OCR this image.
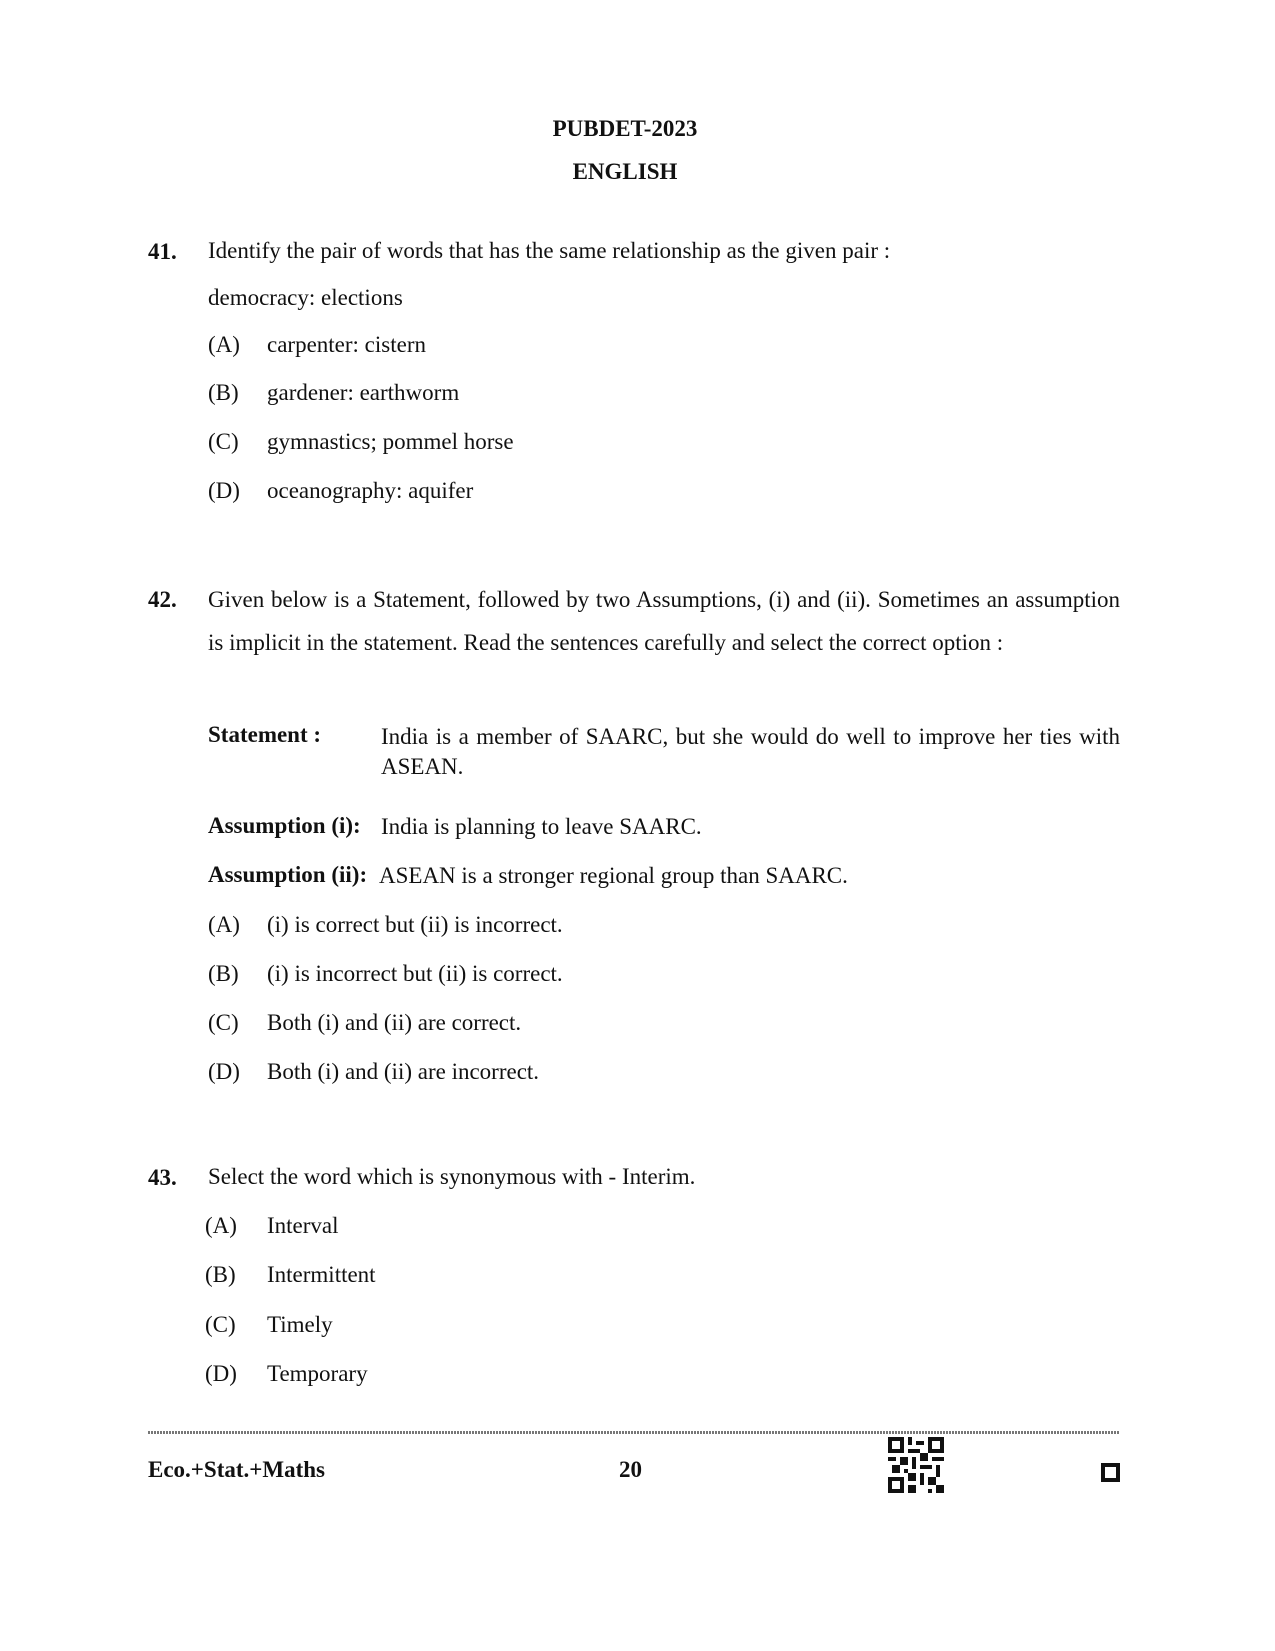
PUBDET-2023
ENGLISH
41. Identify the pair of words that has the same relationship as the given pair :
democracy: elections
(A) carpenter: cistern
(B) gardener: earthworm
(C) gymnastics; pommel horse
(D) oceanography: aquifer
42. Given below is a Statement, followed by two Assumptions, (i) and (ii). Sometimes an assumption is implicit in the statement. Read the sentences carefully and select the correct option :
Statement :	India is a member of SAARC, but she would do well to improve her ties with ASEAN.
Assumption (i): India is planning to leave SAARC.
Assumption (ii): ASEAN is a stronger regional group than SAARC.
(A) (i) is correct but (ii) is incorrect.
(B) (i) is incorrect but (ii) is correct.
(C) Both (i) and (ii) are correct.
(D) Both (i) and (ii) are incorrect.
43. Select the word which is synonymous with - Interim.
(A) Interval
(B) Intermittent
(C) Timely
(D) Temporary
Eco.+Stat.+Maths	20
